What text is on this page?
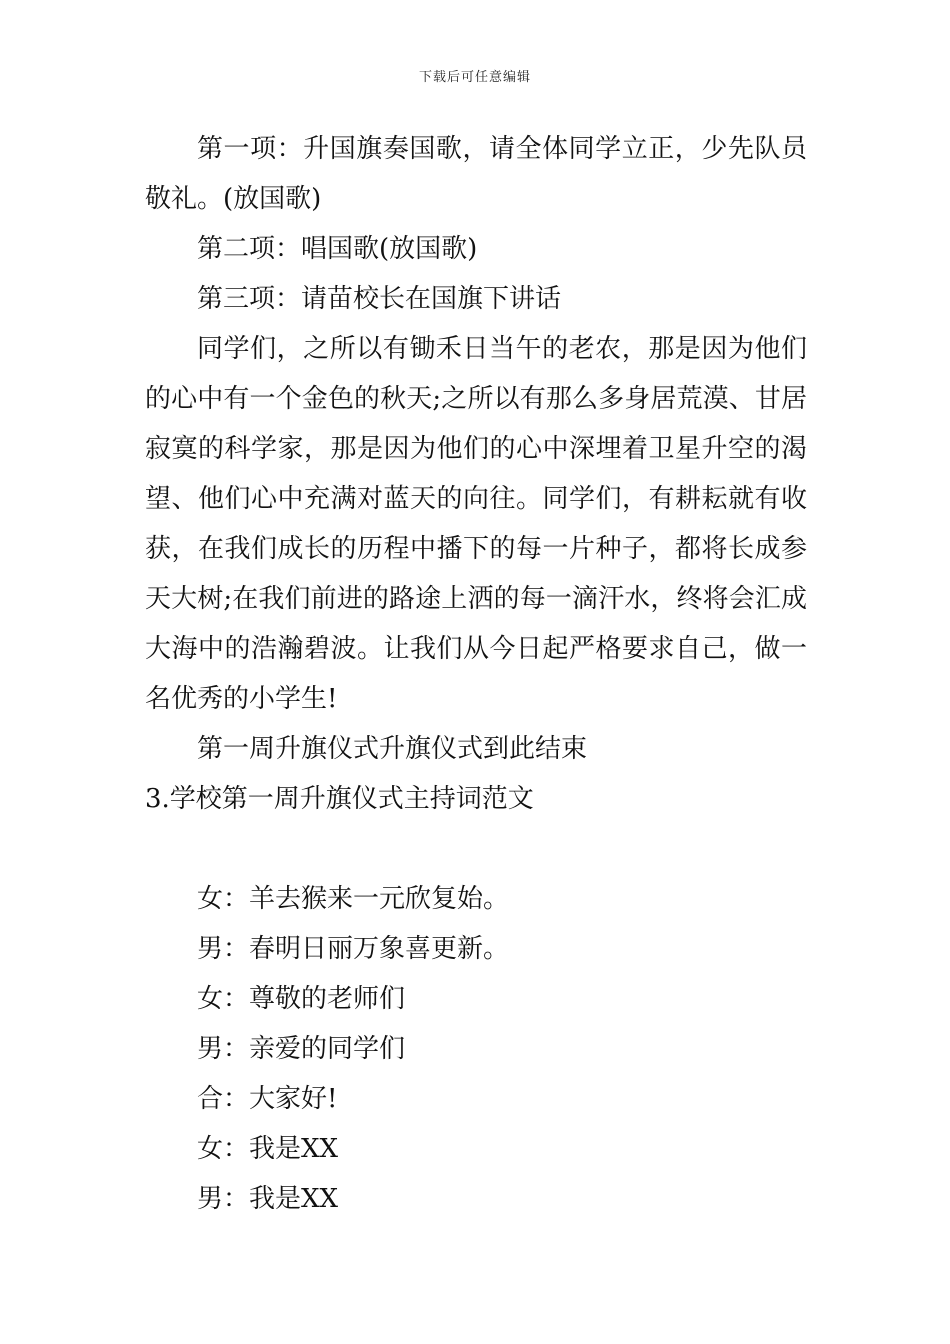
下载后可任意编辑

第一项：升国旗奏国歌，请全体同学立正，少先队员敬礼。(放国歌)

第二项：唱国歌(放国歌)

第三项：请苗校长在国旗下讲话

同学们，之所以有锄禾日当午的老农，那是因为他们的心中有一个金色的秋天;之所以有那么多身居荒漠、甘居寂寞的科学家，那是因为他们的心中深埋着卫星升空的渴望、他们心中充满对蓝天的向往。同学们，有耕耘就有收获，在我们成长的历程中播下的每一片种子，都将长成参天大树;在我们前进的路途上洒的每一滴汗水，终将会汇成大海中的浩瀚碧波。让我们从今日起严格要求自己，做一名优秀的小学生!

第一周升旗仪式升旗仪式到此结束

3.学校第一周升旗仪式主持词范文

女：羊去猴来一元欣复始。

男：春明日丽万象喜更新。

女：尊敬的老师们

男：亲爱的同学们

合：大家好!

女：我是XX

男：我是XX
